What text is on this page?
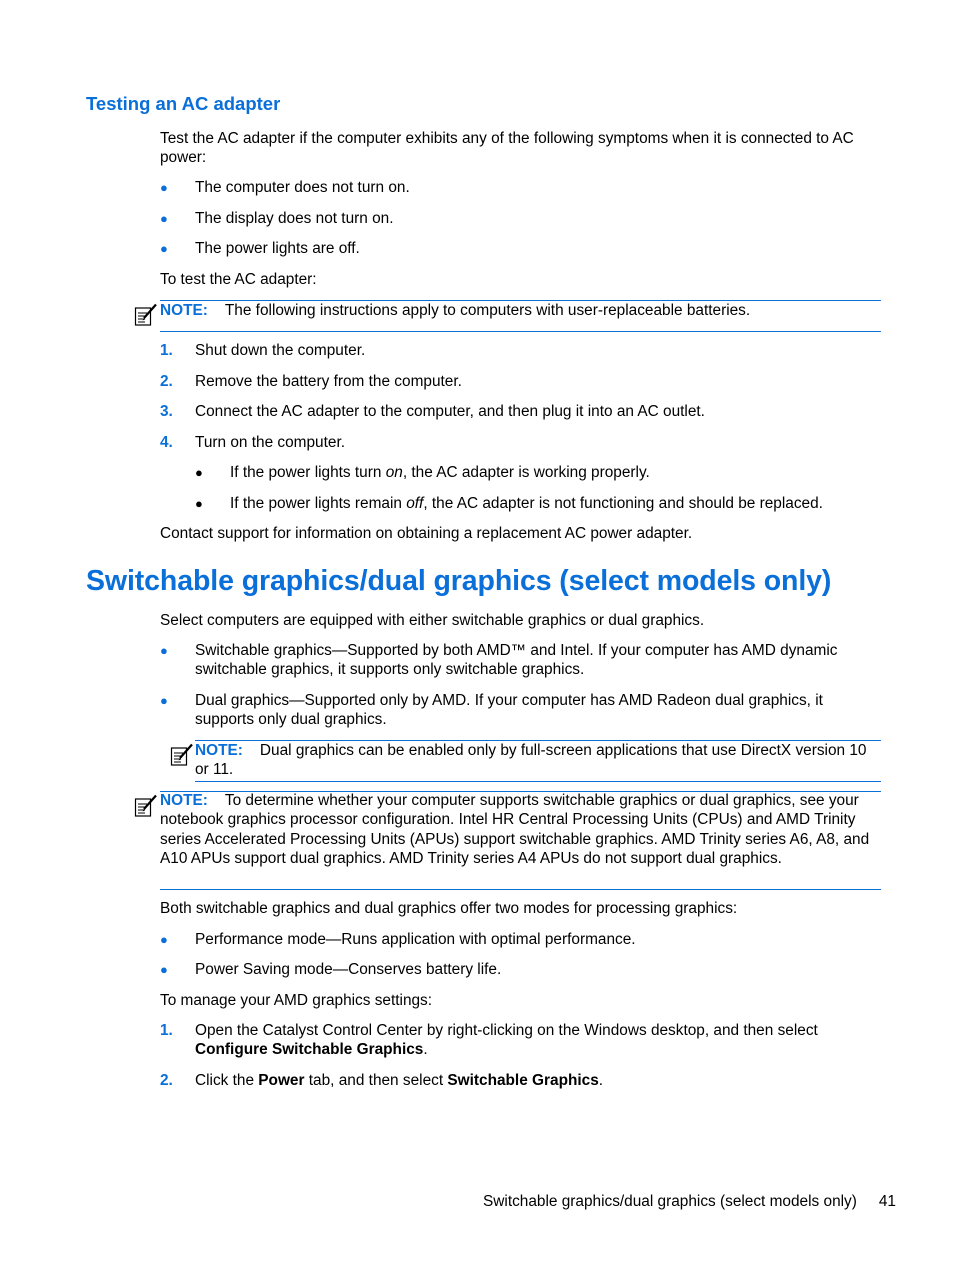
Testing an AC adapter
Test the AC adapter if the computer exhibits any of the following symptoms when it is connected to AC power:
●	The computer does not turn on.
●	The display does not turn on.
●	The power lights are off.
To test the AC adapter:
NOTE: The following instructions apply to computers with user-replaceable batteries.
1.	Shut down the computer.
2.	Remove the battery from the computer.
3.	Connect the AC adapter to the computer, and then plug it into an AC outlet.
4.	Turn on the computer.
●	If the power lights turn on, the AC adapter is working properly.
●	If the power lights remain off, the AC adapter is not functioning and should be replaced.
Contact support for information on obtaining a replacement AC power adapter.
Switchable graphics/dual graphics (select models only)
Select computers are equipped with either switchable graphics or dual graphics.
●	Switchable graphics—Supported by both AMD™ and Intel. If your computer has AMD dynamic switchable graphics, it supports only switchable graphics.
●	Dual graphics—Supported only by AMD. If your computer has AMD Radeon dual graphics, it supports only dual graphics.
NOTE: Dual graphics can be enabled only by full-screen applications that use DirectX version 10 or 11.
NOTE: To determine whether your computer supports switchable graphics or dual graphics, see your notebook graphics processor configuration. Intel HR Central Processing Units (CPUs) and AMD Trinity series Accelerated Processing Units (APUs) support switchable graphics. AMD Trinity series A6, A8, and A10 APUs support dual graphics. AMD Trinity series A4 APUs do not support dual graphics.
Both switchable graphics and dual graphics offer two modes for processing graphics:
●	Performance mode—Runs application with optimal performance.
●	Power Saving mode—Conserves battery life.
To manage your AMD graphics settings:
1.	Open the Catalyst Control Center by right-clicking on the Windows desktop, and then select Configure Switchable Graphics.
2.	Click the Power tab, and then select Switchable Graphics.
Switchable graphics/dual graphics (select models only) 41
